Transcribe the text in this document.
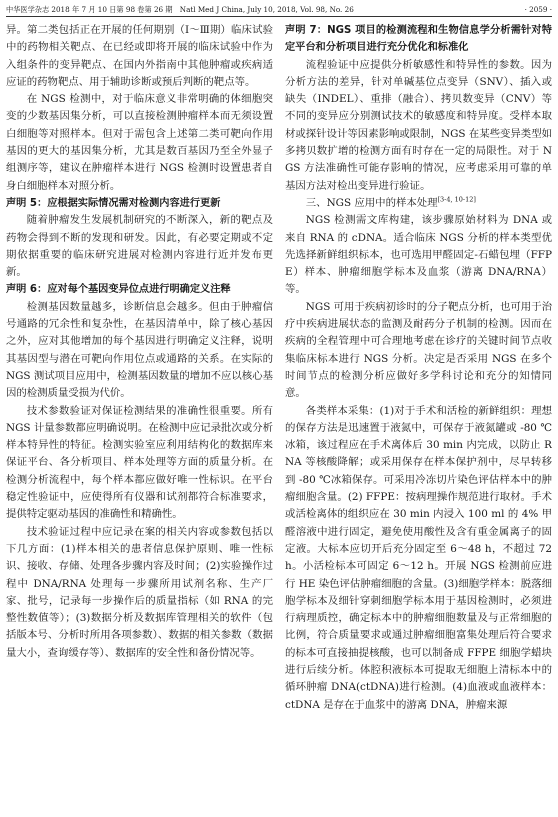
中华医学杂志 2018 年 7 月 10 日第 98 卷第 26 期　Natl Med J China, July 10, 2018, Vol. 98, No. 26	· 2059 ·

异。第二类包括正在开展的任何期别（Ⅰ～Ⅲ期）临床试验中的药物相关靶点、在已经或即将开展的临床试验中作为入组条件的变异靶点、在国内外指南中其他肿瘤或疾病适应证的药物靶点、用于辅助诊断或预后判断的靶点等。

在 NGS 检测中，对于临床意义非常明确的体细胞突变的少数基因集分析，可以直接检测肿瘤样本而无须设置白细胞等对照样本。但对于需包含上述第二类可靶向作用基因的更大的基因集分析，尤其是数百基因乃至全外显子组测序等，建议在肿瘤样本进行 NGS 检测时设置患者自身白细胞样本对照分析。

声明 5：应根据实际情况需对检测内容进行更新

随着肿瘤发生发展机制研究的不断深入，新的靶点及药物会得到不断的发现和研发。因此，有必要定期或不定期依据重要的临床研究进展对检测内容进行近并发布更新。

声明 6：应对每个基因变异位点进行明确定义注释

检测基因数量越多，诊断信息会越多。但由于肿瘤信号通路的冗余性和复杂性，在基因清单中，除了核心基因之外，应对其他增加的每个基因进行明确定义注释，说明其基因型与潜在可靶向作用位点或通路的关系。在实际的 NGS 测试项目应用中，检测基因数量的增加不应以核心基因的检测质量受损为代价。

技术参数验证对保证检测结果的准确性很重要。所有 NGS 计量参数都应明确说明。在检测中应记录批次或分析样本特异性的特征。检测实验室应利用结构化的数据库来保证平台、各分析项目、样本处理等方面的质量分析。在检测分析流程中，每个样本都应做好唯一性标识。在平台稳定性验证中，应使得所有仪器和试剂都符合标准要求，提供特定驱动基因的准确性和精确性。

技术验证过程中应记录在案的相关内容或参数包括以下几方面：(1)样本相关的患者信息保护原则、唯一性标识、接收、存储、处理各步骤内容及时间；(2)实验操作过程中 DNA/RNA 处理每一步骤所用试剂名称、生产厂家、批号，记录每一步操作后的质量指标（如 RNA 的完整性数值等）；(3)数据分析及数据库管理相关的软件（包括版本号、分析时所用各项参数）、数据的相关参数（数据量大小，查询缓存等）、数据库的安全性和备份情况等。

声明 7：NGS 项目的检测流程和生物信息学分析需针对特定平台和分析项目进行充分优化和标准化

流程验证中应提供分析敏感性和特异性的参数。因为分析方法的差异，针对单碱基位点变异（SNV）、插入或缺失（INDEL）、重排（融合）、拷贝数变异（CNV）等不同的变异应分别测试技术的敏感度和特异度。受样本取材或探针设计等因素影响或限制，NGS 在某些变异类型如多拷贝数扩增的检测方面有时存在一定的局限性。对于 NGS 方法准确性可能存影响的情况，应考虑采用可靠的单基因方法对检出变异进行验证。

三、NGS 应用中的样本处理[3-4, 10-12]

NGS 检测需文库构建，该步骤原始材料为 DNA 或来自 RNA 的 cDNA。适合临床 NGS 分析的样本类型优先选择新鲜组织标本，也可选用甲醛固定-石蜡包埋（FFPE）样本、肿瘤细胞学标本及血浆（游离 DNA/RNA）等。

NGS 可用于疾病初诊时的分子靶点分析，也可用于治疗中疾病进展状态的监测及耐药分子机制的检测。因而在疾病的全程管理中可合理地考虑在诊疗的关键时间节点收集临床标本进行 NGS 分析。决定是否采用 NGS 在多个时间节点的检测分析应做好多学科讨论和充分的知情同意。

各类样本采集：(1)对于手术和活检的新鲜组织：理想的保存方法是迅速置于液氮中，可保存于液氮罐或 -80 ℃冰箱，该过程应在手术离体后 30 min 内完成，以防止 RNA 等核酸降解；或采用保存在样本保护剂中，尽早转移到 -80 ℃冰箱保存。可采用冷冻切片染色评估样本中的肿瘤细胞含量。(2) FFPE：按病理操作规范进行取材。手术或活检离体的组织应在 30 min 内浸入 100 ml 的 4% 甲醛溶液中进行固定，避免使用酸性及含有重金属离子的固定液。大标本应切开后充分固定至 6～48 h，不超过 72 h。小活检标本可固定 6～12 h。开展 NGS 检测前应进行 HE 染色评估肿瘤细胞的含量。(3)细胞学样本：脱落细胞学标本及细针穿刺细胞学标本用于基因检测时，必须进行病理质控，确定标本中的肿瘤细胞数量及与正常细胞的比例，符合质量要求或通过肿瘤细胞富集处理后符合要求的标本可直接抽提核酸，也可以制备成 FFPE 细胞学蜡块进行后续分析。体腔积液标本可提取无细胞上清标本中的循环肿瘤 DNA(ctDNA)进行检测。(4)血液或血液样本：ctDNA 是存在于血浆中的游离 DNA，肿瘤来源
